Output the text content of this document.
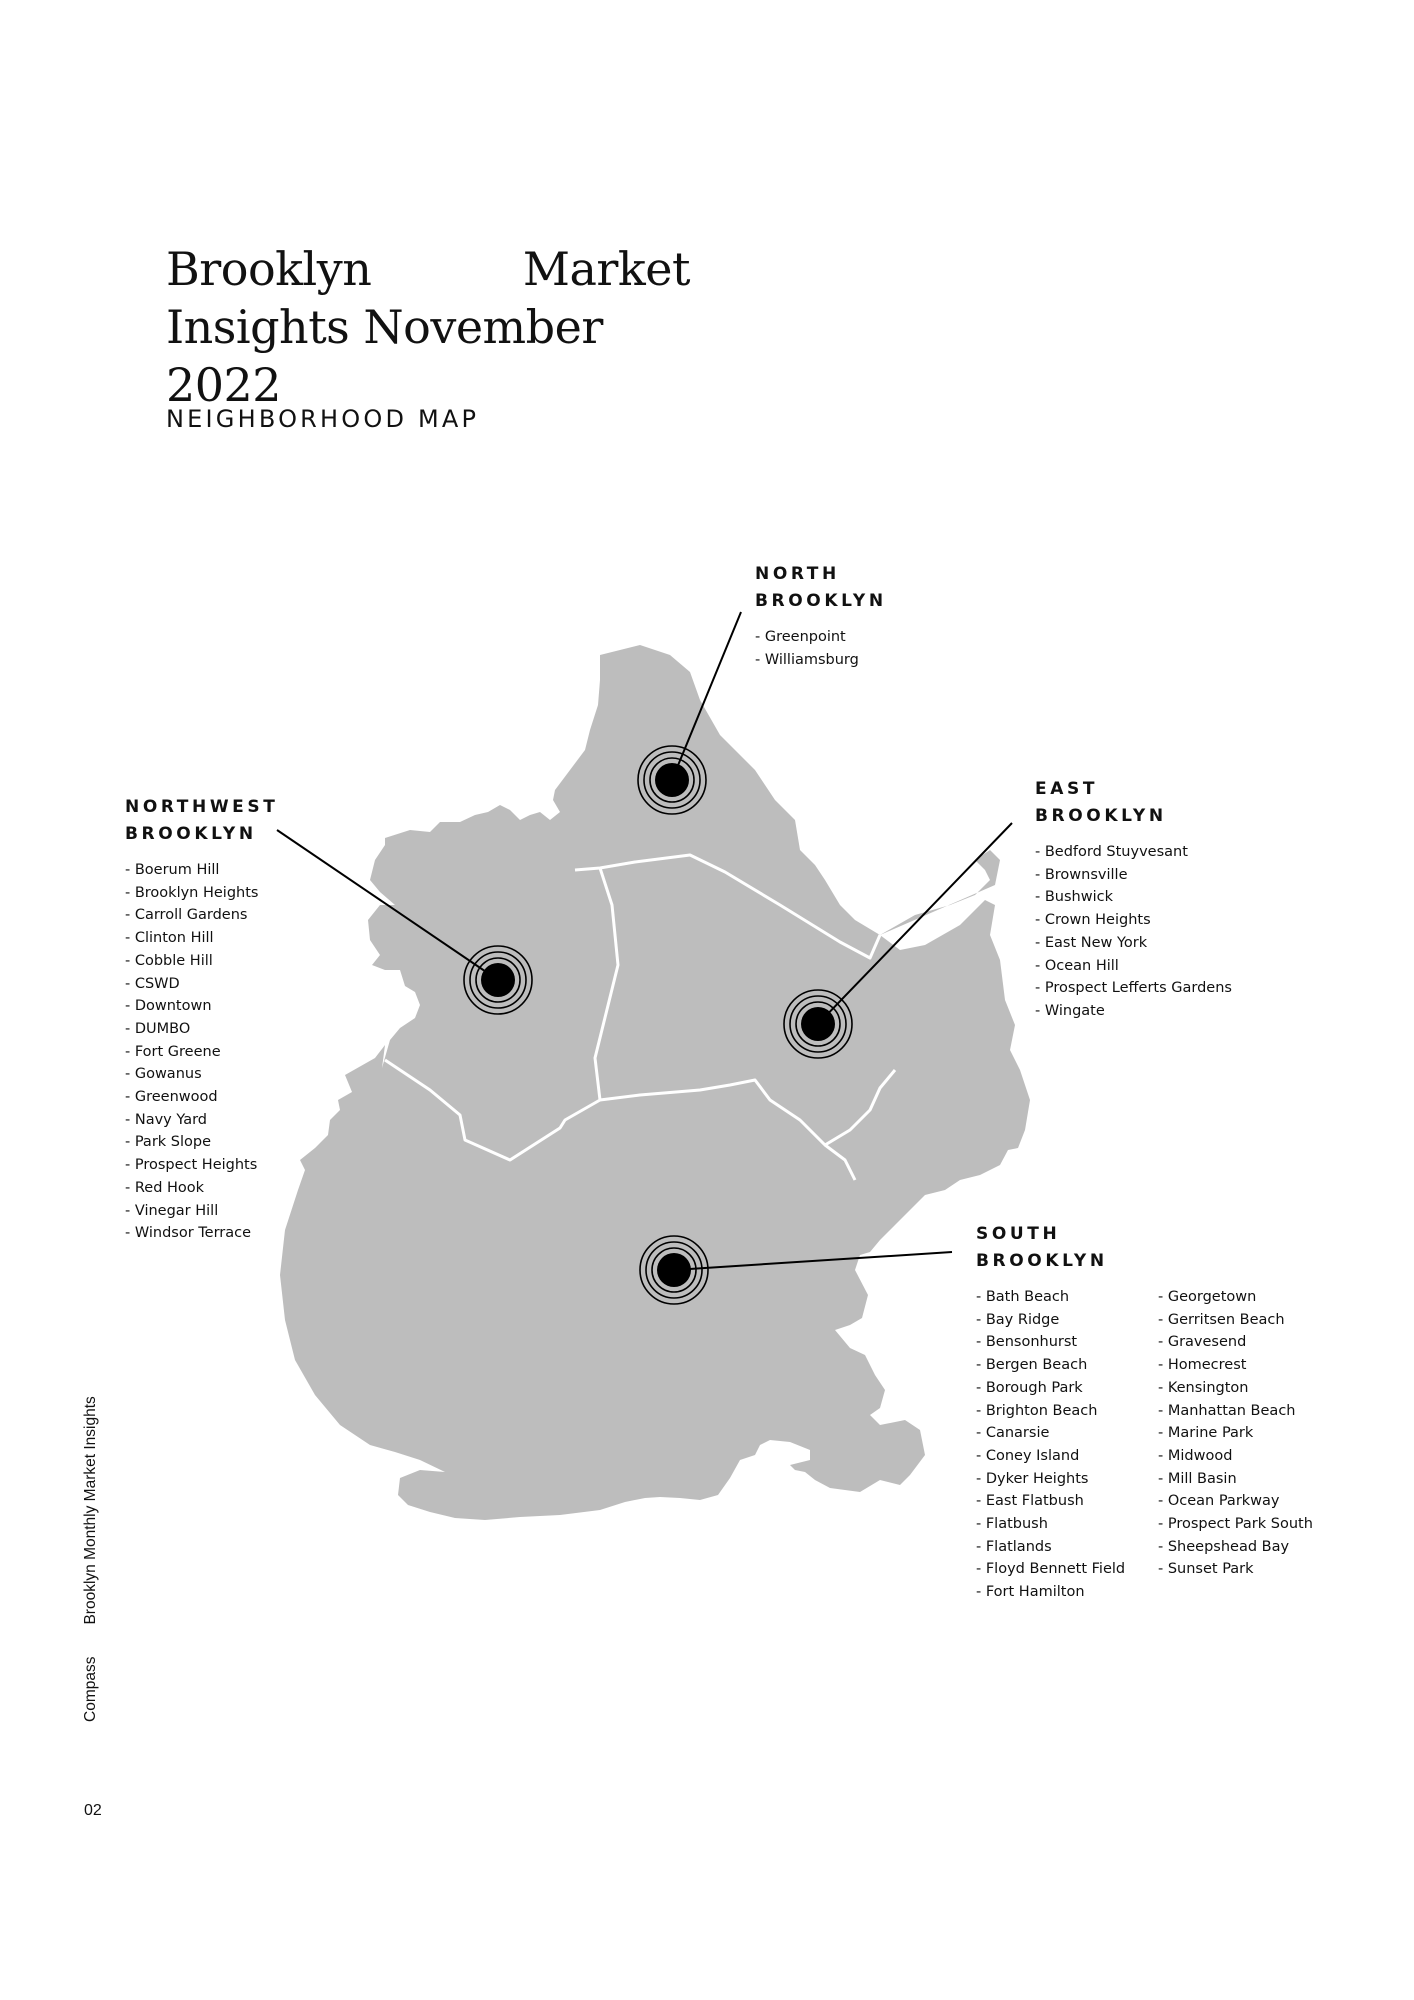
Brooklyn	Market
Insights November 2022
NEIGHBORHOOD MAP
NORTH
BROOKLYN
- Greenpoint
- Williamsburg
NORTHWEST
BROOKLYN
- Boerum Hill
- Brooklyn Heights
- Carroll Gardens
- Clinton Hill
- Cobble Hill
- CSWD
- Downtown
- DUMBO
- Fort Greene
- Gowanus
- Greenwood
- Navy Yard
- Park Slope
- Prospect Heights
- Red Hook
- Vinegar Hill
- Windsor Terrace
EAST
BROOKLYN
- Bedford Stuyvesant
- Brownsville
- Bushwick
- Crown Heights
- East New York
- Ocean Hill
- Prospect Lefferts Gardens
- Wingate
SOUTH
BROOKLYN
- Bath Beach
- Bay Ridge
- Bensonhurst
- Bergen Beach
- Borough Park
- Brighton Beach
- Canarsie
- Coney Island
- Dyker Heights
- East Flatbush
- Flatbush
- Flatlands
- Floyd Bennett Field
- Fort Hamilton
- Georgetown
- Gerritsen Beach
- Gravesend
- Homecrest
- Kensington
- Manhattan Beach
- Marine Park
- Midwood
- Mill Basin
- Ocean Parkway
- Prospect Park South
- Sheepshead Bay
- Sunset Park
CompassBrooklyn Monthly Market Insights
02
